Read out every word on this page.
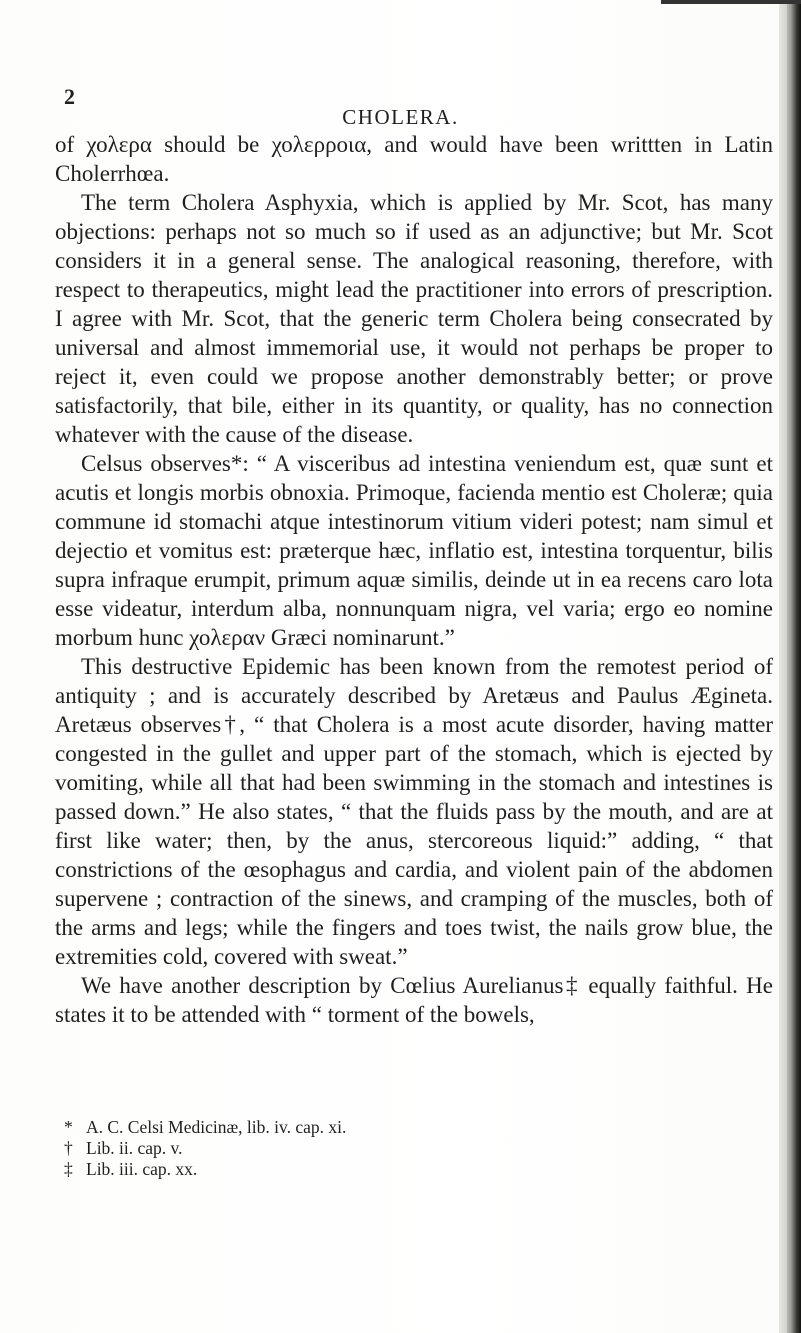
2
CHOLERA.

of χολερα should be χολερροια, and would have been writtten in Latin Cholerrhœa.

The term Cholera Asphyxia, which is applied by Mr. Scot, has many objections: perhaps not so much so if used as an adjunctive; but Mr. Scot considers it in a general sense. The analogical reasoning, therefore, with respect to therapeutics, might lead the practitioner into errors of prescription. I agree with Mr. Scot, that the generic term Cholera being consecrated by universal and almost immemorial use, it would not perhaps be proper to reject it, even could we propose another demonstrably better; or prove satisfactorily, that bile, either in its quantity, or quality, has no connection whatever with the cause of the disease.

Celsus observes*: “ A visceribus ad intestina veniendum est, quæ sunt et acutis et longis morbis obnoxia. Primoque, facienda mentio est Choleræ; quia commune id stomachi atque intestinorum vitium videri potest; nam simul et dejectio et vomitus est: præterque hæc, inflatio est, intestina torquentur, bilis supra infraque erumpit, primum aquæ similis, deinde ut in ea recens caro lota esse videatur, interdum alba, nonnunquam nigra, vel varia; ergo eo nomine morbum hunc χολεραν Græci nominarunt.”

This destructive Epidemic has been known from the remotest period of antiquity ; and is accurately described by Aretæus and Paulus Ægineta. Aretæus observes†, “ that Cholera is a most acute disorder, having matter congested in the gullet and upper part of the stomach, which is ejected by vomiting, while all that had been swimming in the stomach and intestines is passed down.” He also states, “ that the fluids pass by the mouth, and are at first like water; then, by the anus, stercoreous liquid:” adding, “ that constrictions of the œsophagus and cardia, and violent pain of the abdomen supervene ; contraction of the sinews, and cramping of the muscles, both of the arms and legs; while the fingers and toes twist, the nails grow blue, the extremities cold, covered with sweat.”

We have another description by Cœlius Aurelianus‡ equally faithful. He states it to be attended with “ torment of the bowels,

* A. C. Celsi Medicinæ, lib. iv. cap. xi.
† Lib. ii. cap. v.
‡ Lib. iii. cap. xx.
